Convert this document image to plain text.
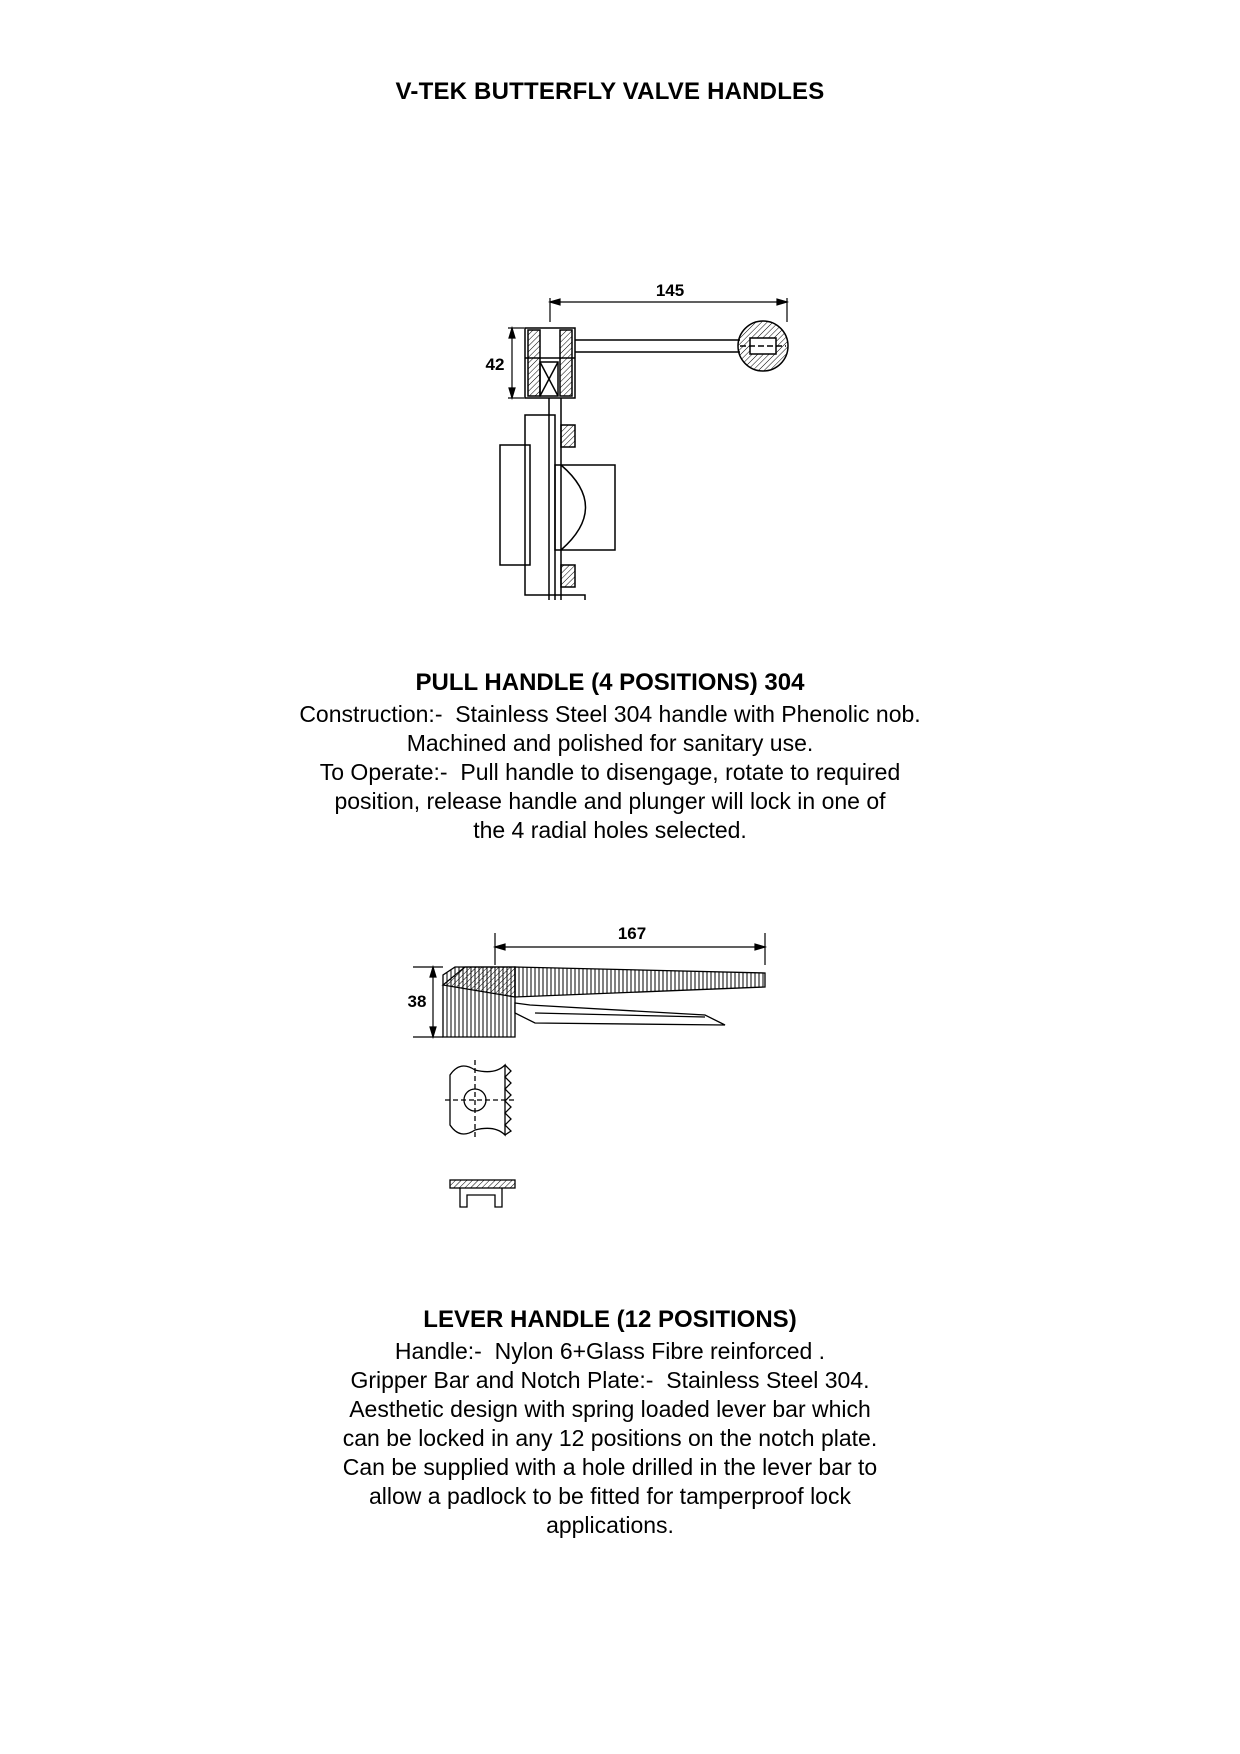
V-TEK BUTTERFLY VALVE HANDLES
145
42
PULL HANDLE (4 POSITIONS) 304

Construction:-  Stainless Steel 304 handle with Phenolic nob.

Machined and polished for sanitary use.

To Operate:-  Pull handle to disengage, rotate to required

position, release handle and plunger will lock in one of

the 4 radial holes selected.

167
38
LEVER HANDLE (12 POSITIONS)

Handle:-  Nylon 6+Glass Fibre reinforced .

Gripper Bar and Notch Plate:-  Stainless Steel 304.

Aesthetic design with spring loaded lever bar which

can be locked in any 12 positions on the notch plate.

Can be supplied with a hole drilled in the lever bar to

allow a padlock to be fitted for tamperproof lock

applications.
